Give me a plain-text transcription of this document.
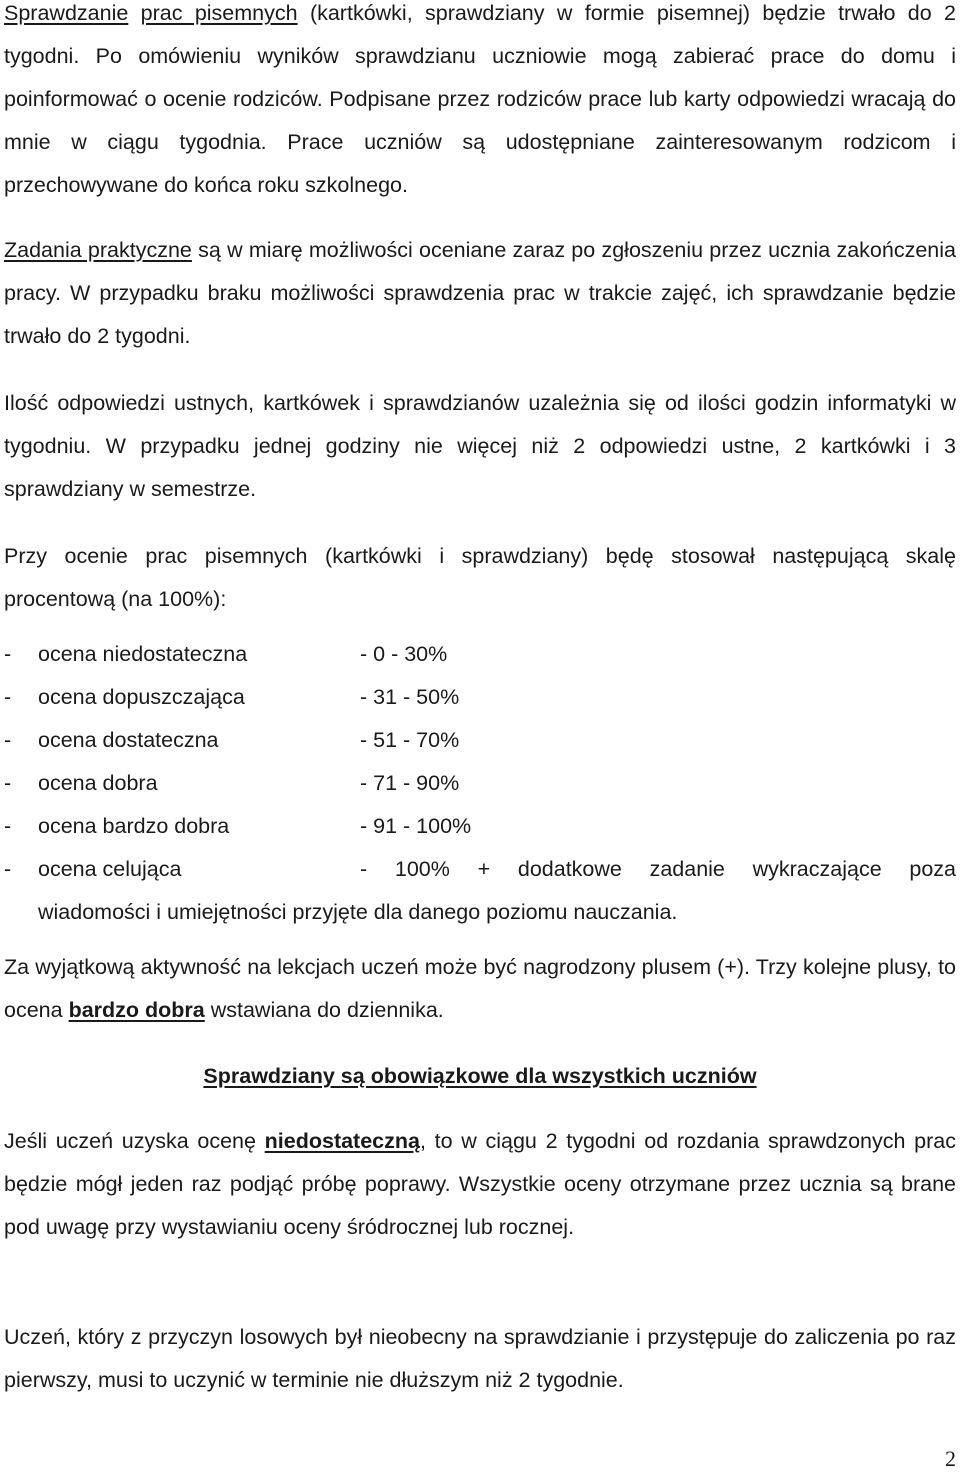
Sprawdzanie prac pisemnych (kartkówki, sprawdziany w formie pisemnej) będzie trwało do 2 tygodni. Po omówieniu wyników sprawdzianu uczniowie mogą zabierać prace do domu i poinformować o ocenie rodziców. Podpisane przez rodziców prace lub karty odpowiedzi wracają do mnie w ciągu tygodnia. Prace uczniów są udostępniane zainteresowanym rodzicom i przechowywane do końca roku szkolnego.

Zadania praktyczne są w miarę możliwości oceniane zaraz po zgłoszeniu przez ucznia zakończenia pracy. W przypadku braku możliwości sprawdzenia prac w trakcie zajęć, ich sprawdzanie będzie trwało do 2 tygodni.

Ilość odpowiedzi ustnych, kartkówek i sprawdzianów uzależnia się od ilości godzin informatyki w tygodniu. W przypadku jednej godziny nie więcej niż 2 odpowiedzi ustne, 2 kartkówki i 3 sprawdziany w semestrze.

Przy ocenie prac pisemnych (kartkówki i sprawdziany) będę stosował następującą skalę procentową (na 100%):

- ocena niedostateczna	- 0 - 30%
- ocena dopuszczająca	- 31 - 50%
- ocena dostateczna	- 51 - 70%
- ocena dobra	- 71 - 90%
- ocena bardzo dobra	- 91 - 100%
- ocena celująca	- 100% + dodatkowe zadanie wykraczające poza
wiadomości i umiejętności przyjęte dla danego poziomu nauczania.

Za wyjątkową aktywność na lekcjach uczeń może być nagrodzony plusem (+). Trzy kolejne plusy, to ocena bardzo dobra wstawiana do dziennika.

Sprawdziany są obowiązkowe dla wszystkich uczniów

Jeśli uczeń uzyska ocenę niedostateczną, to w ciągu 2 tygodni od rozdania sprawdzonych prac będzie mógł jeden raz podjąć próbę poprawy. Wszystkie oceny otrzymane przez ucznia są brane pod uwagę przy wystawianiu oceny śródrocznej lub rocznej.

Uczeń, który z przyczyn losowych był nieobecny na sprawdzianie i przystępuje do zaliczenia po raz pierwszy, musi to uczynić w terminie nie dłuższym niż 2 tygodnie.

2
